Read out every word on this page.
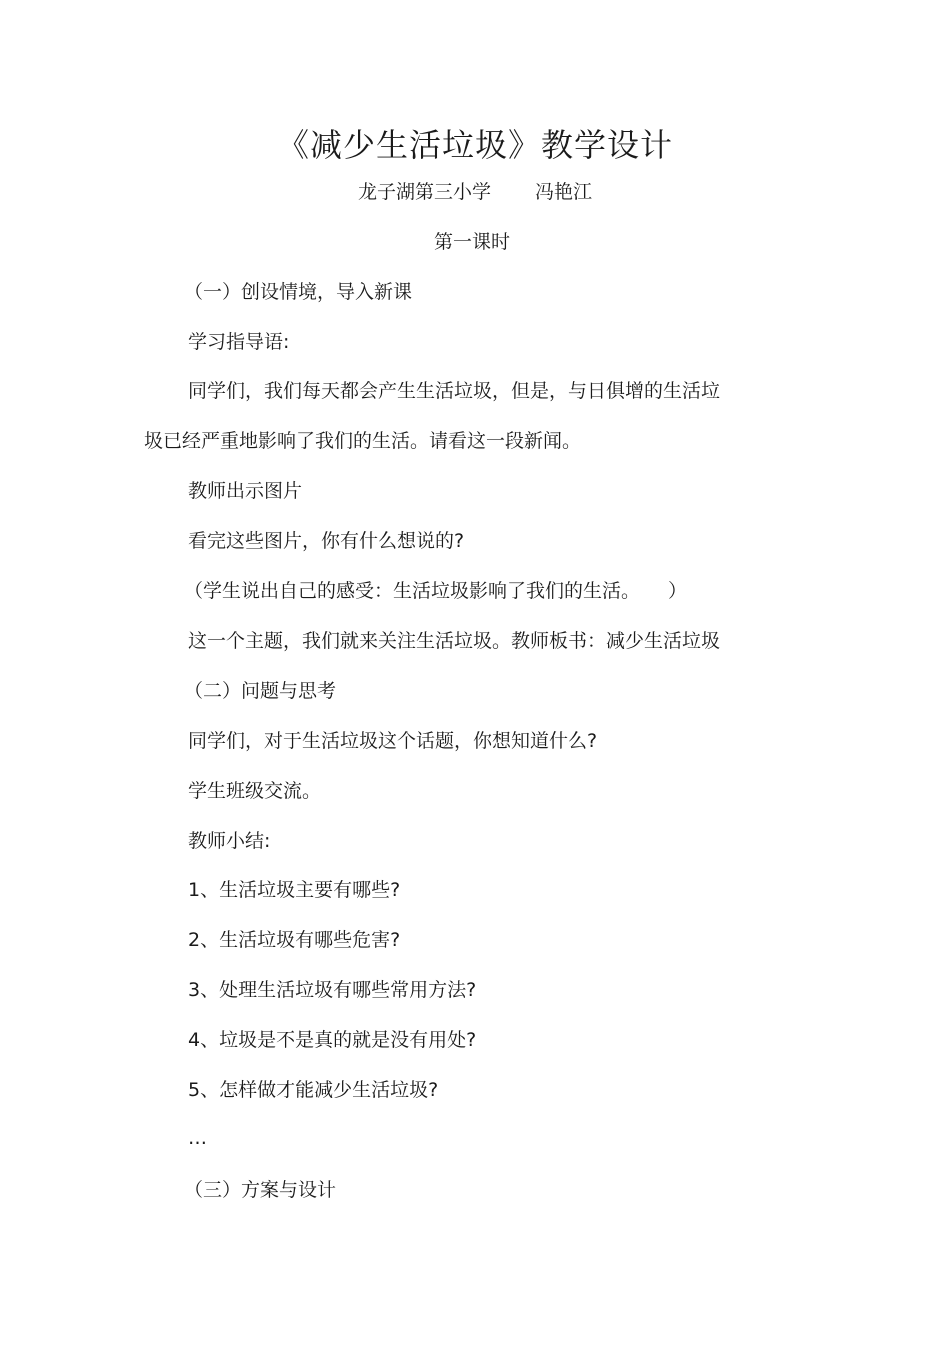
《减少生活垃圾》教学设计
龙子湖第三小学 冯艳江
第一课时
（一）创设情境，导入新课
学习指导语:
同学们，我们每天都会产生生活垃圾，但是，与日俱增的生活垃
圾已经严重地影响了我们的生活。请看这一段新闻。
教师出示图片
看完这些图片，你有什么想说的?
（学生说出自己的感受：生活垃圾影响了我们的生活。 ）
这一个主题，我们就来关注生活垃圾。教师板书：减少生活垃圾
（二）问题与思考
同学们，对于生活垃圾这个话题，你想知道什么?
学生班级交流。
教师小结:
1、生活垃圾主要有哪些?
2、生活垃圾有哪些危害?
3、处理生活垃圾有哪些常用方法?
4、垃圾是不是真的就是没有用处?
5、怎样做才能减少生活垃圾?
…
（三）方案与设计
